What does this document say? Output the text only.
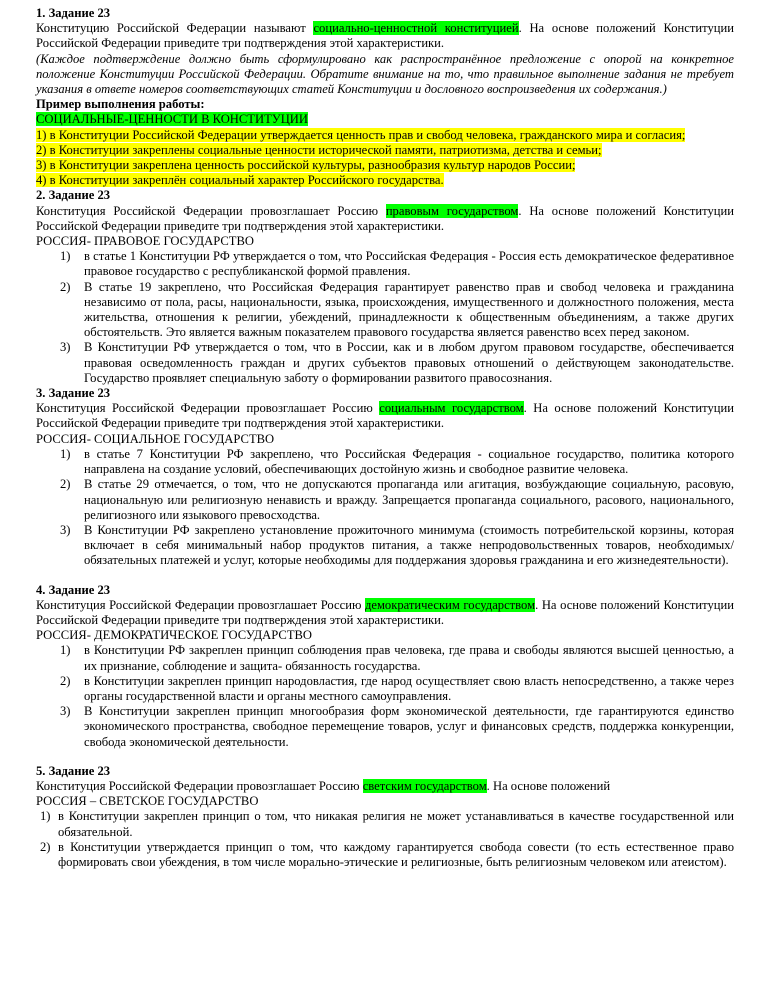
1. Задание 23

Конституцию Российской Федерации называют социально-ценностной конституцией. На основе положений Конституции Российской Федерации приведите три подтверждения этой характеристики.

(Каждое подтверждение должно быть сформулировано как распространённое предложение с опорой на конкретное положение Конституции Российской Федерации. Обратите внимание на то, что правильное выполнение задания не требует указания в ответе номеров соответствующих статей Конституции и дословного воспроизведения их содержания.)

Пример выполнения работы:

СОЦИАЛЬНЫЕ-ЦЕННОСТИ В КОНСТИТУЦИИ

1) в Конституции Российской Федерации утверждается ценность прав и свобод человека, гражданского мира и согласия;

2) в Конституции закреплены социальные ценности исторической памяти, патриотизма, детства и семьи;

3) в Конституции закреплена ценность российской культуры, разнообразия культур народов России;

4) в Конституции закреплён социальный характер Российского государства.

2. Задание 23

Конституция Российской Федерации провозглашает Россию правовым государством. На основе положений Конституции Российской Федерации приведите три подтверждения этой характеристики.

РОССИЯ- ПРАВОВОЕ ГОСУДАРСТВО

1) в статье 1 Конституции РФ утверждается о том, что Российская Федерация - Россия есть демократическое федеративное правовое государство с республиканской формой правления.
2) В статье 19 закреплено, что Российская Федерация гарантирует равенство прав и свобод человека и гражданина независимо от пола, расы, национальности, языка, происхождения, имущественного и должностного положения, места жительства, отношения к религии, убеждений, принадлежности к общественным объединениям, а также других обстоятельств. Это является важным показателем правового государства является равенство всех перед законом.
3) В Конституции РФ утверждается о том, что в России, как и в любом другом правовом государстве, обеспечивается правовая осведомленность граждан и других субъектов правовых отношений о действующем законодательстве. Государство проявляет специальную заботу о формировании развитого правосознания.

3. Задание 23

Конституция Российской Федерации провозглашает Россию социальным государством. На основе положений Конституции Российской Федерации приведите три подтверждения этой характеристики.

РОССИЯ- СОЦИАЛЬНОЕ ГОСУДАРСТВО

1) в статье 7 Конституции РФ закреплено, что Российская Федерация - социальное государство, политика которого направлена на создание условий, обеспечивающих достойную жизнь и свободное развитие человека.
2) В статье 29 отмечается, о том, что не допускаются пропаганда или агитация, возбуждающие социальную, расовую, национальную или религиозную ненависть и вражду. Запрещается пропаганда социального, расового, национального, религиозного или языкового превосходства.
3) В Конституции РФ закреплено установление прожиточного минимума (стоимость потребительской корзины, которая включает в себя минимальный набор продуктов питания, а также непродовольственных товаров, необходимых/обязательных платежей и услуг, которые необходимы для поддержания здоровья гражданина и его жизнедеятельности).

4. Задание 23

Конституция Российской Федерации провозглашает Россию демократическим государством. На основе положений Конституции Российской Федерации приведите три подтверждения этой характеристики.

РОССИЯ- ДЕМОКРАТИЧЕСКОЕ ГОСУДАРСТВО

1) в Конституции РФ закреплен принцип соблюдения прав человека, где права и свободы являются высшей ценностью, а их признание, соблюдение и защита- обязанность государства.
2) в Конституции закреплен принцип народовластия, где народ осуществляет свою власть непосредственно, а также через органы государственной власти и органы местного самоуправления.
3) В Конституции закреплен принцип многообразия форм экономической деятельности, где гарантируются единство экономического пространства, свободное перемещение товаров, услуг и финансовых средств, поддержка конкуренции, свобода экономической деятельности.

5. Задание 23

Конституция Российской Федерации провозглашает Россию светским государством. На основе положений

РОССИЯ – СВЕТСКОЕ ГОСУДАРСТВО

1) в Конституции закреплен принцип о том, что никакая религия не может устанавливаться в качестве государственной или обязательной.
2) в Конституции утверждается принцип о том, что каждому гарантируется свобода совести (то есть естественное право формировать свои убеждения, в том числе морально-этические и религиозные, быть религиозным человеком или атеистом).
